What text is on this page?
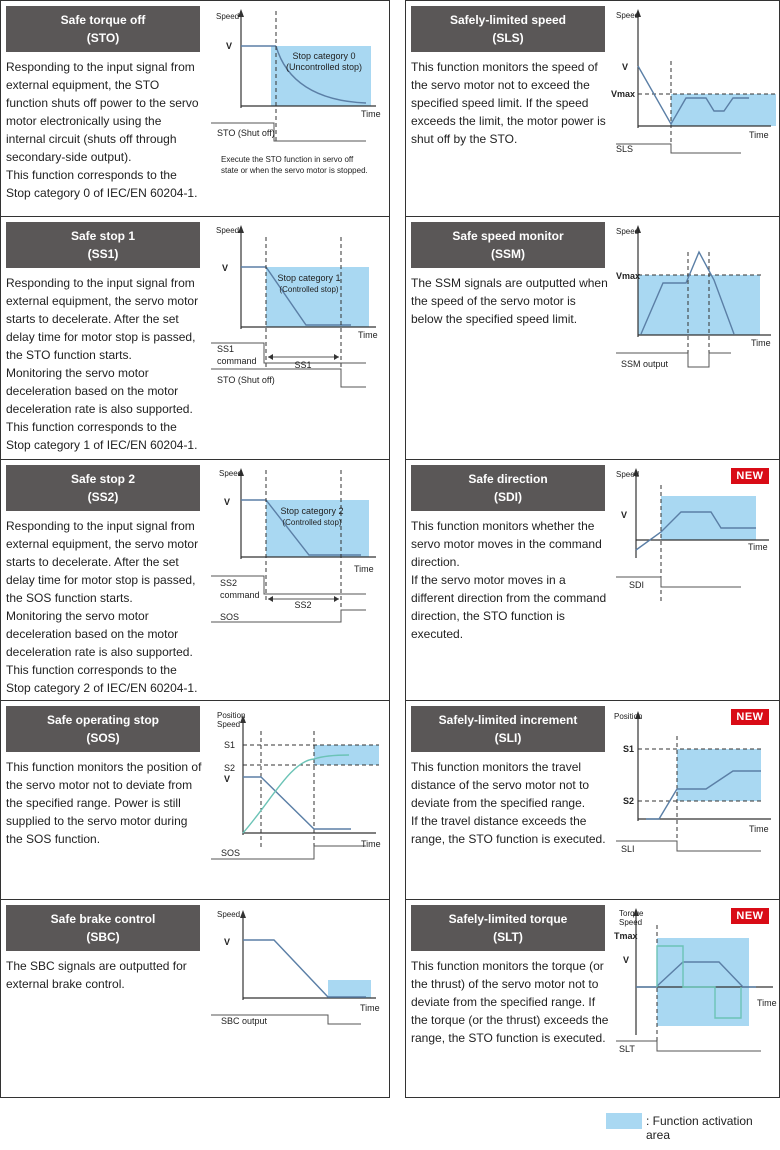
Safe torque off
(STO)

Responding to the input signal from external equipment, the STO function shuts off power to the servo motor electronically using the internal circuit (shuts off through secondary-side output).

This function corresponds to the Stop category 0 of IEC/EN 60204-1.

Speed
V
Stop category 0
(Uncontrolled stop)
Time
STO (Shut off)
Execute the STO function in servo off
state or when the servo motor is stopped.
Safe stop 1
(SS1)

Responding to the input signal from external equipment, the servo motor starts to decelerate. After the set delay time for motor stop is passed, the STO function starts.

Monitoring the servo motor deceleration based on the motor deceleration rate is also supported.

This function corresponds to the Stop category 1 of IEC/EN 60204-1.

Speed
V
Stop category 1
(Controlled stop)
Time
SS1
command	SS1
STO (Shut off)
Safe stop 2
(SS2)

Responding to the input signal from external equipment, the servo motor starts to decelerate. After the set delay time for motor stop is passed, the SOS function starts.

Monitoring the servo motor deceleration based on the motor deceleration rate is also supported.

This function corresponds to the Stop category 2 of IEC/EN 60204-1.

Speed
V
Stop category 2
(Controlled stop)
Time
SS2
command
SS2
SOS
Safe operating stop
(SOS)

This function monitors the position of the servo motor not to deviate from the specified range. Power is still supplied to the servo motor during the SOS function.

Position
Speed
S1
S2
V
Time
SOS
Safe brake control
(SBC)

The SBC signals are outputted for external brake control.

Speed
V
Time
SBC output
Safely-limited speed
(SLS)

This function monitors the speed of the servo motor not to exceed the specified speed limit. If the speed exceeds the limit, the motor power is shut off by the STO.

Speed
V
Vmax
Time
SLS
Safe speed monitor
(SSM)

The SSM signals are outputted when the speed of the servo motor is below the specified speed limit.

Speed
Vmax
Time
SSM output
Safe direction
(SDI)
NEW

This function monitors whether the servo motor moves in the command direction.

If the servo motor moves in a different direction from the command direction, the STO function is executed.

Speed
V
Time
SDI
Safely-limited increment
(SLI)
NEW

This function monitors the travel distance of the servo motor not to deviate from the specified range.

If the travel distance exceeds the range, the STO function is executed.

Position
S1
S2
Time
SLI
Safely-limited torque
(SLT)
NEW

This function monitors the torque (or the thrust) of the servo motor not to deviate from the specified range. If the torque (or the thrust) exceeds the range, the STO function is executed.

Torque
Speed
Tmax
V
Time
SLT
: Function activation area
